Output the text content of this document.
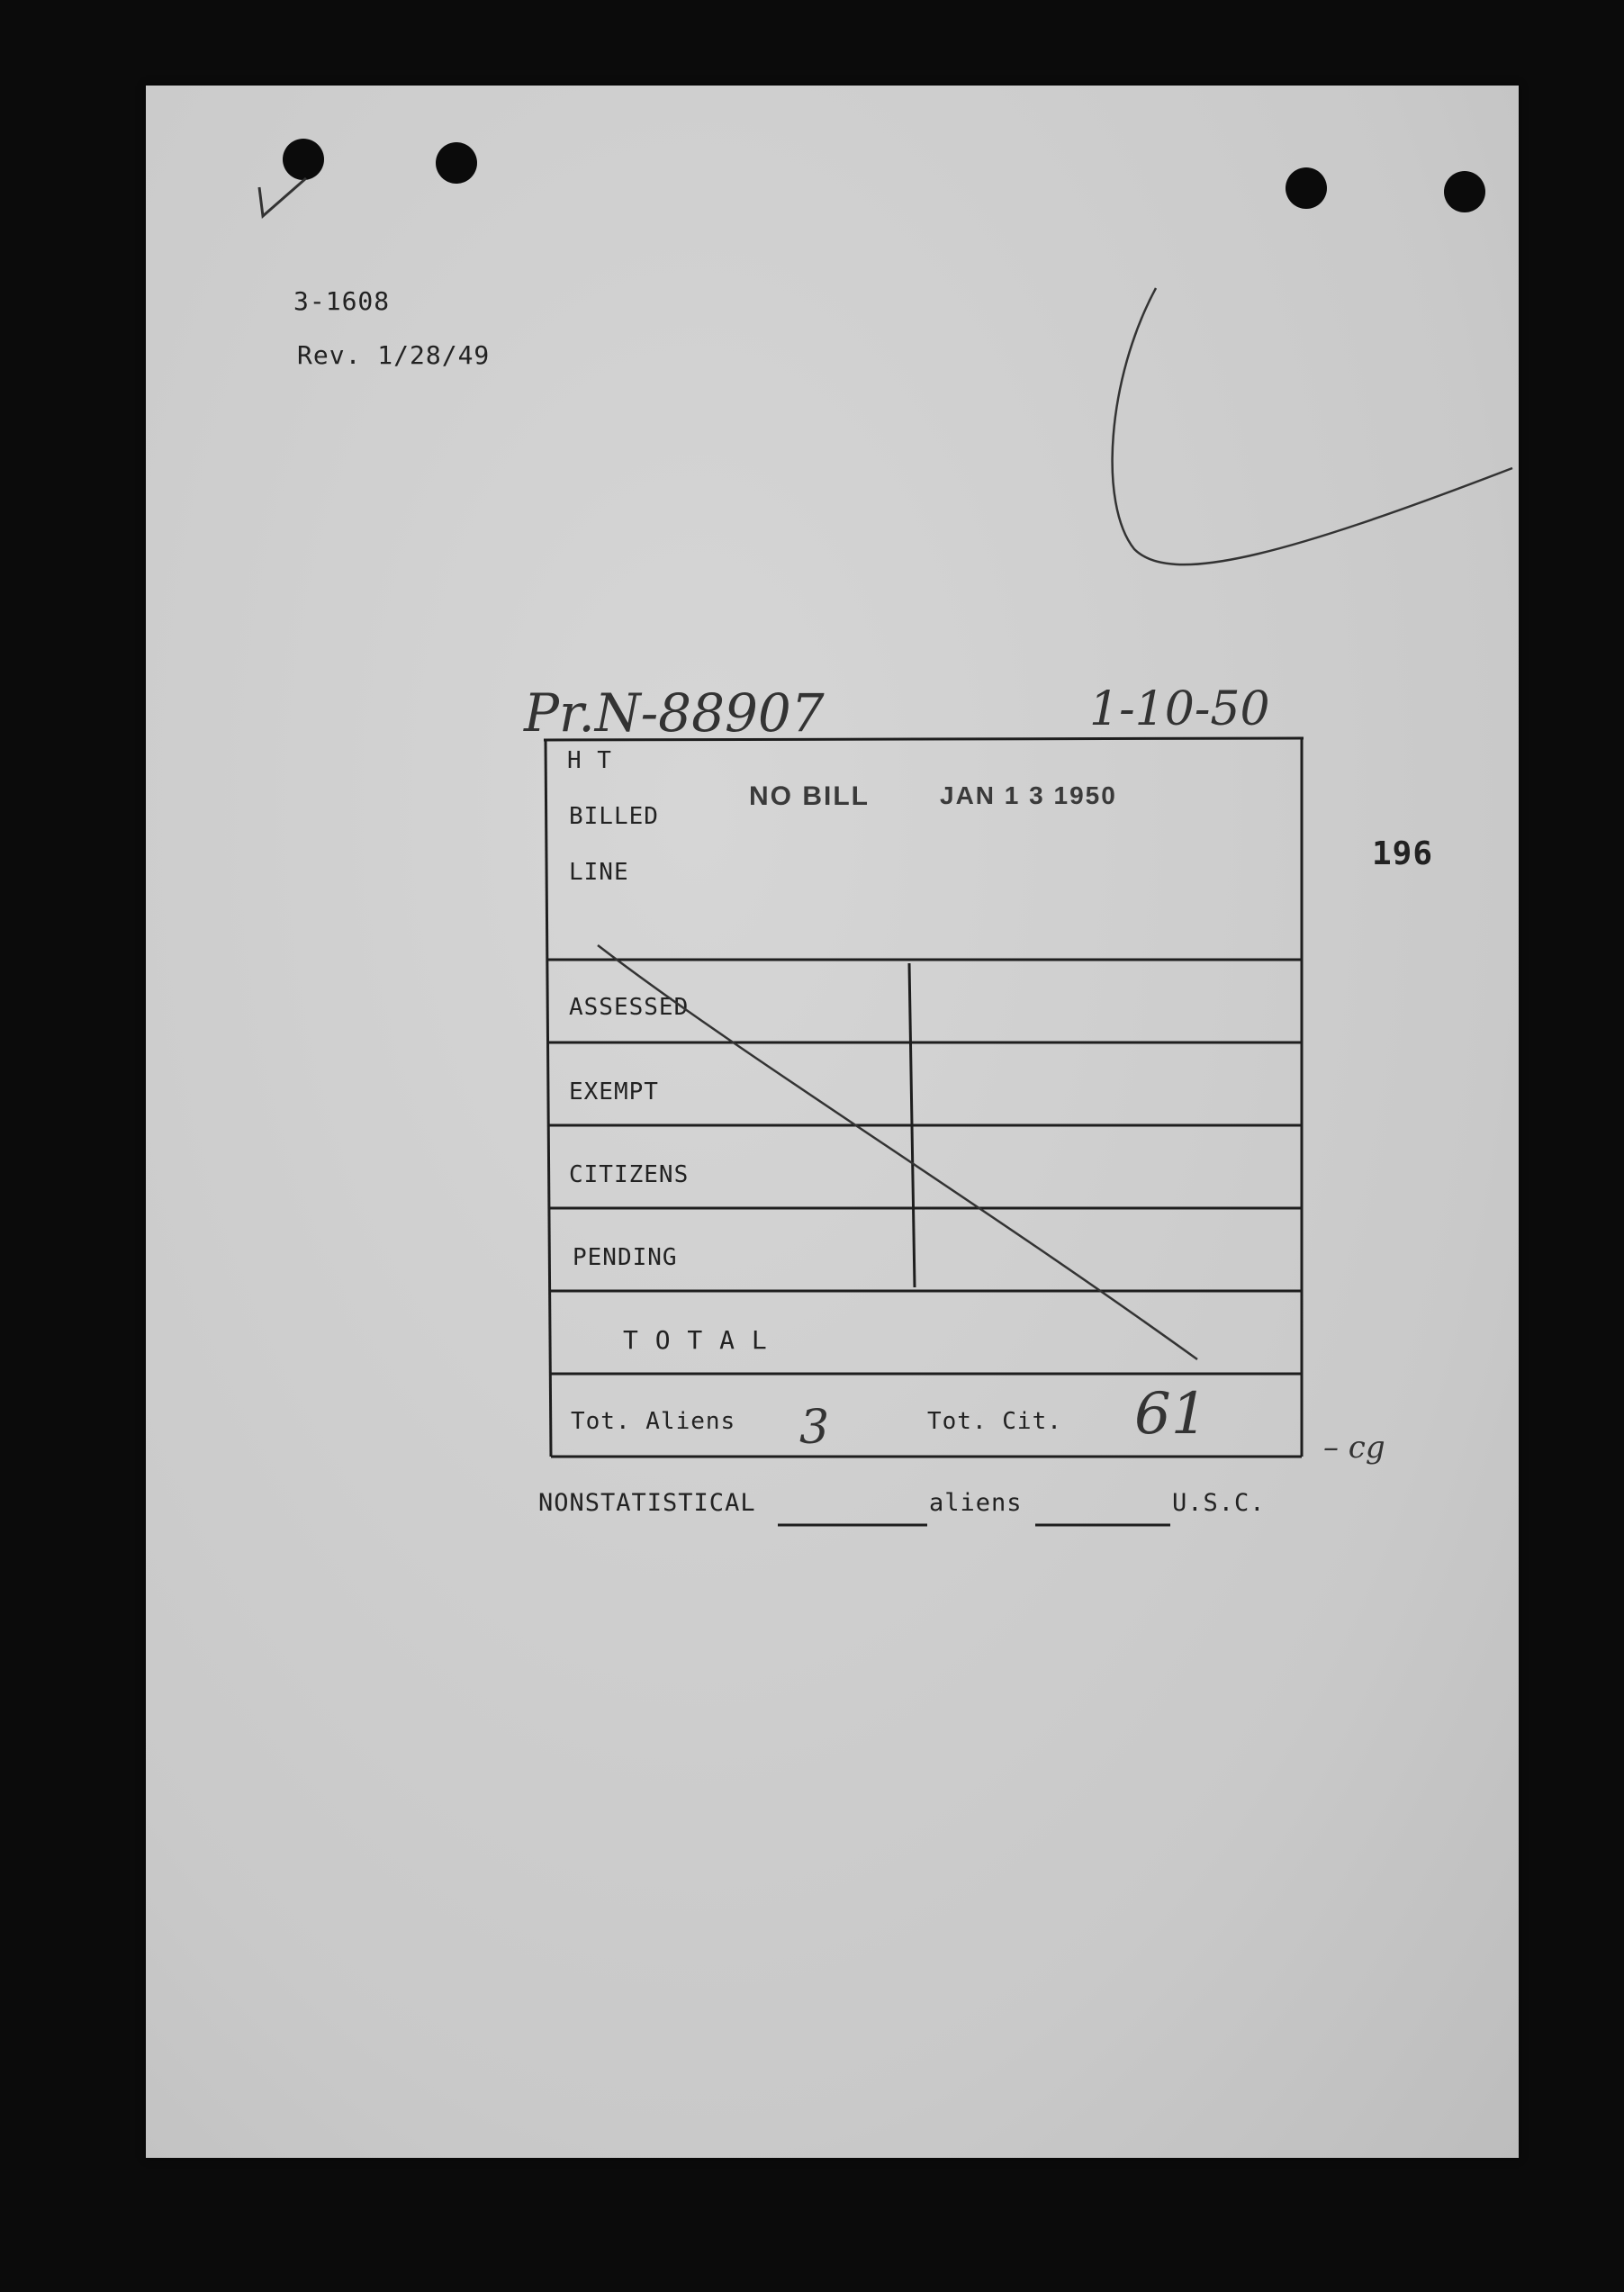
3-1608
Rev. 1/28/49
Pr.N-88907	1-10-50
NO BILL	JAN 1 3 1950
196
H T
BILLED
LINE
ASSESSED
EXEMPT
CITIZENS
PENDING
T O T A L
Tot. Aliens 3	Tot. Cit. 61	– cg
NONSTATISTICAL	aliens	U.S.C.
